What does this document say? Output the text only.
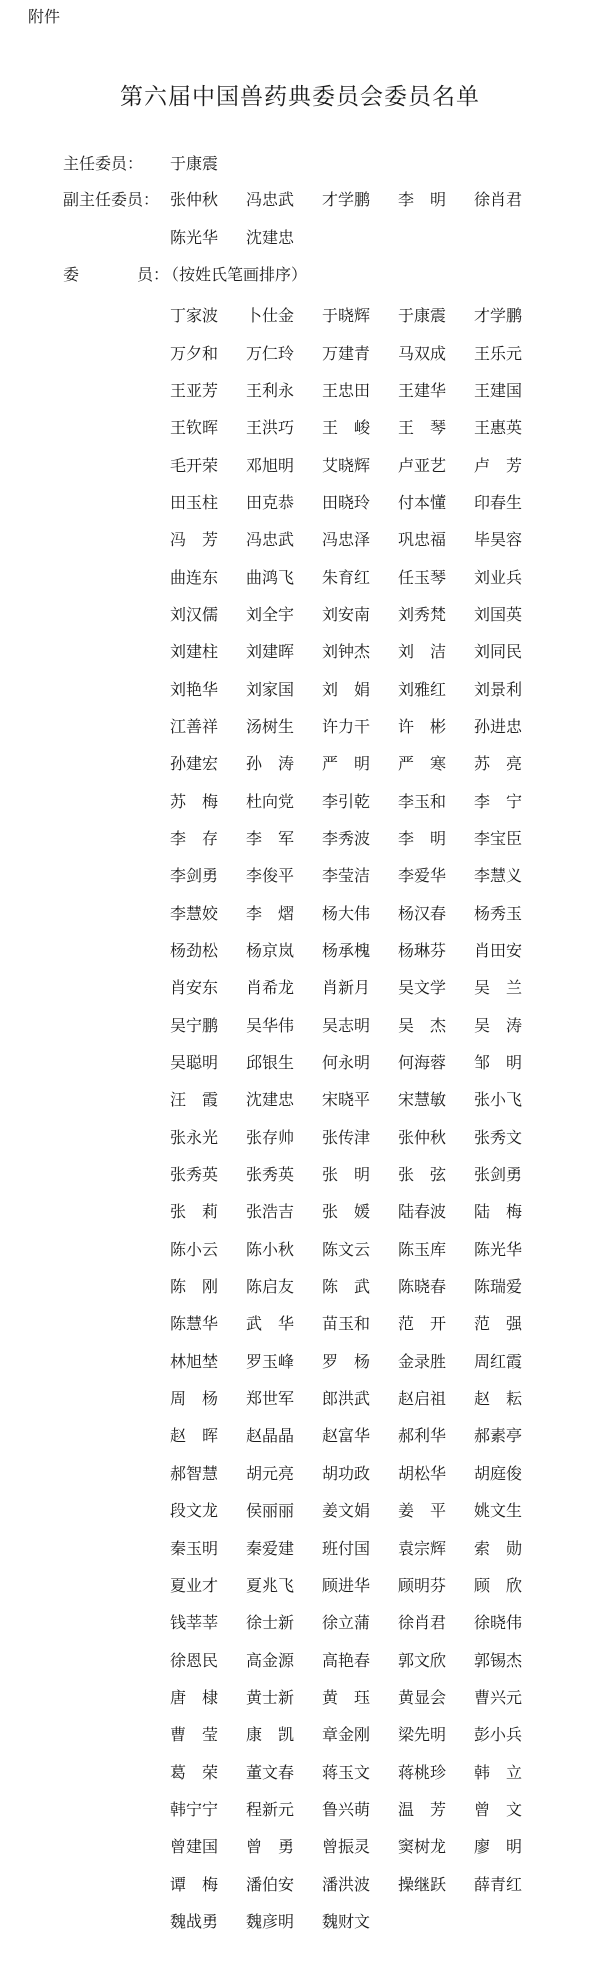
附件
第六届中国兽药典委员会委员名单
主任委员： 于康震
副主任委员： 张仲秋	冯忠武	才学鹏	李　明	徐肖君
陈光华	沈建忠
委	员：
（按姓氏笔画排序）
丁家波	卜仕金	于晓辉	于康震	才学鹏
万夕和	万仁玲	万建青	马双成	王乐元
王亚芳	王利永	王忠田	王建华	王建国
王钦晖	王洪巧	王　峻	王　琴	王惠英
毛开荣	邓旭明	艾晓辉	卢亚艺	卢　芳
田玉柱	田克恭	田晓玲	付本懂	印春生
冯　芳	冯忠武	冯忠泽	巩忠福	毕昊容
曲连东	曲鸿飞	朱育红	任玉琴	刘业兵
刘汉儒	刘全宇	刘安南	刘秀梵	刘国英
刘建柱	刘建晖	刘钟杰	刘　洁	刘同民
刘艳华	刘家国	刘　娟	刘雅红	刘景利
江善祥	汤树生	许力干	许　彬	孙进忠
孙建宏	孙　涛	严　明	严　寒	苏　亮
苏　梅	杜向党	李引乾	李玉和	李　宁
李　存	李　军	李秀波	李　明	李宝臣
李剑勇	李俊平	李莹洁	李爱华	李慧义
李慧姣	李　熠	杨大伟	杨汉春	杨秀玉
杨劲松	杨京岚	杨承槐	杨琳芬	肖田安
肖安东	肖希龙	肖新月	吴文学	吴　兰
吴宁鹏	吴华伟	吴志明	吴　杰	吴　涛
吴聪明	邱银生	何永明	何海蓉	邹　明
汪　霞	沈建忠	宋晓平	宋慧敏	张小飞
张永光	张存帅	张传津	张仲秋	张秀文
张秀英	张秀英	张　明	张　弦	张剑勇
张　莉	张浩吉	张　媛	陆春波	陆　梅
陈小云	陈小秋	陈文云	陈玉库	陈光华
陈　刚	陈启友	陈　武	陈晓春	陈瑞爱
陈慧华	武　华	苗玉和	范　开	范　强
林旭埜	罗玉峰	罗　杨	金录胜	周红霞
周　杨	郑世军	郎洪武	赵启祖	赵　耘
赵　晖	赵晶晶	赵富华	郝利华	郝素亭
郝智慧	胡元亮	胡功政	胡松华	胡庭俊
段文龙	侯丽丽	姜文娟	姜　平	姚文生
秦玉明	秦爱建	班付国	袁宗辉	索　勋
夏业才	夏兆飞	顾进华	顾明芬	顾　欣
钱莘莘	徐士新	徐立蒲	徐肖君	徐晓伟
徐恩民	高金源	高艳春	郭文欣	郭锡杰
唐　棣	黄士新	黄　珏	黄显会	曹兴元
曹　莹	康　凯	章金刚	梁先明	彭小兵
葛　荣	董文春	蒋玉文	蒋桃珍	韩　立
韩宁宁	程新元	鲁兴萌	温　芳	曾　文
曾建国	曾　勇	曾振灵	窦树龙	廖　明
谭　梅	潘伯安	潘洪波	操继跃	薛青红
魏战勇	魏彦明	魏财文
